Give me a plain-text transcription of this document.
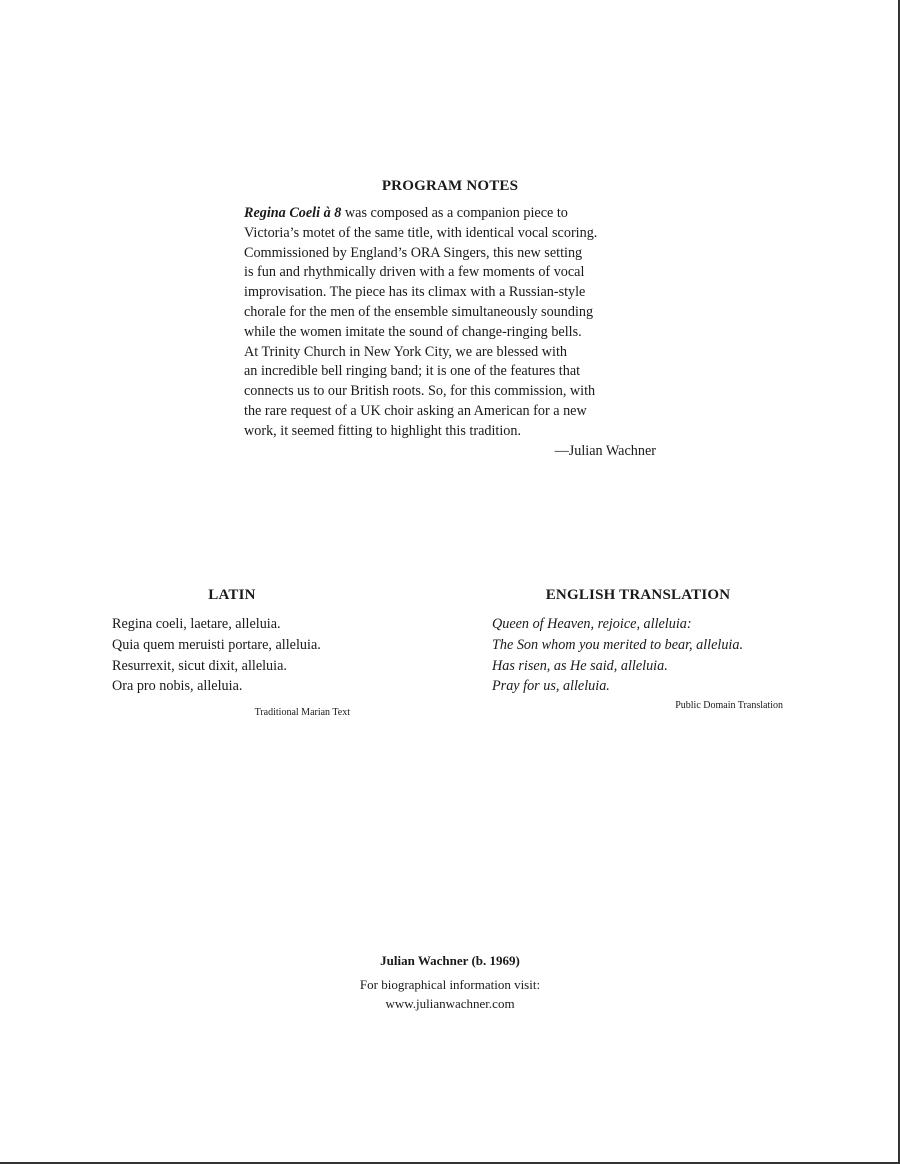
PROGRAM NOTES
Regina Coeli à 8 was composed as a companion piece to
Victoria’s motet of the same title, with identical vocal scoring.
Commissioned by England’s ORA Singers, this new setting
is fun and rhythmically driven with a few moments of vocal
improvisation. The piece has its climax with a Russian-style
chorale for the men of the ensemble simultaneously sounding
while the women imitate the sound of change-ringing bells.
At Trinity Church in New York City, we are blessed with
an incredible bell ringing band; it is one of the features that
connects us to our British roots. So, for this commission, with
the rare request of a UK choir asking an American for a new
work, it seemed fitting to highlight this tradition.
—Julian Wachner
LATIN	ENGLISH TRANSLATION
Regina coeli, laetare, alleluia.
Quia quem meruisti portare, alleluia.
Resurrexit, sicut dixit, alleluia.
Ora pro nobis, alleluia.
Queen of Heaven, rejoice, alleluia:
The Son whom you merited to bear, alleluia.
Has risen, as He said, alleluia.
Pray for us, alleluia.
Traditional Marian Text
Public Domain Translation
Julian Wachner (b. 1969)
For biographical information visit:
www.julianwachner.com
